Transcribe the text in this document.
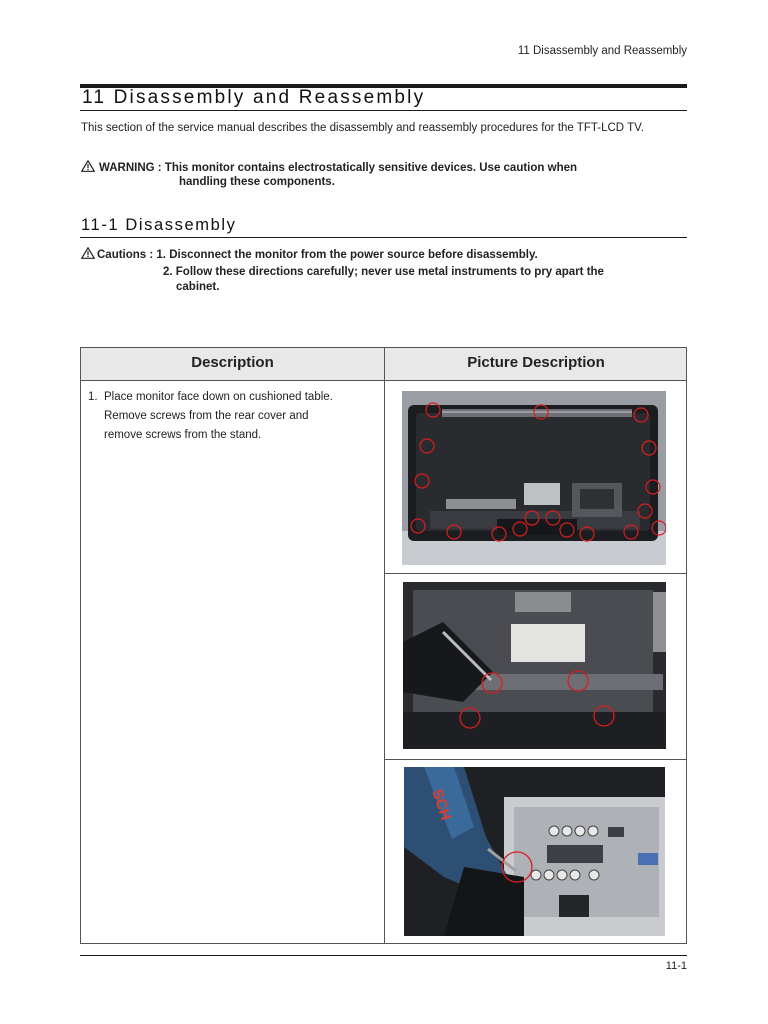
11 Disassembly and Reassembly
11 Disassembly and Reassembly
This section of the service manual describes the disassembly and reassembly procedures for the TFT-LCD TV.
WARNING : This monitor contains electrostatically sensitive devices. Use caution when
handling these components.
11-1 Disassembly
Cautions : 1. Disconnect the monitor from the power source before disassembly.
2. Follow these directions carefully; never use metal instruments to pry apart the
cabinet.
Description	Picture Description
1. Place monitor face down on cushioned table.
Remove screws from the rear cover and
remove screws from the stand.
SCH
11-1
